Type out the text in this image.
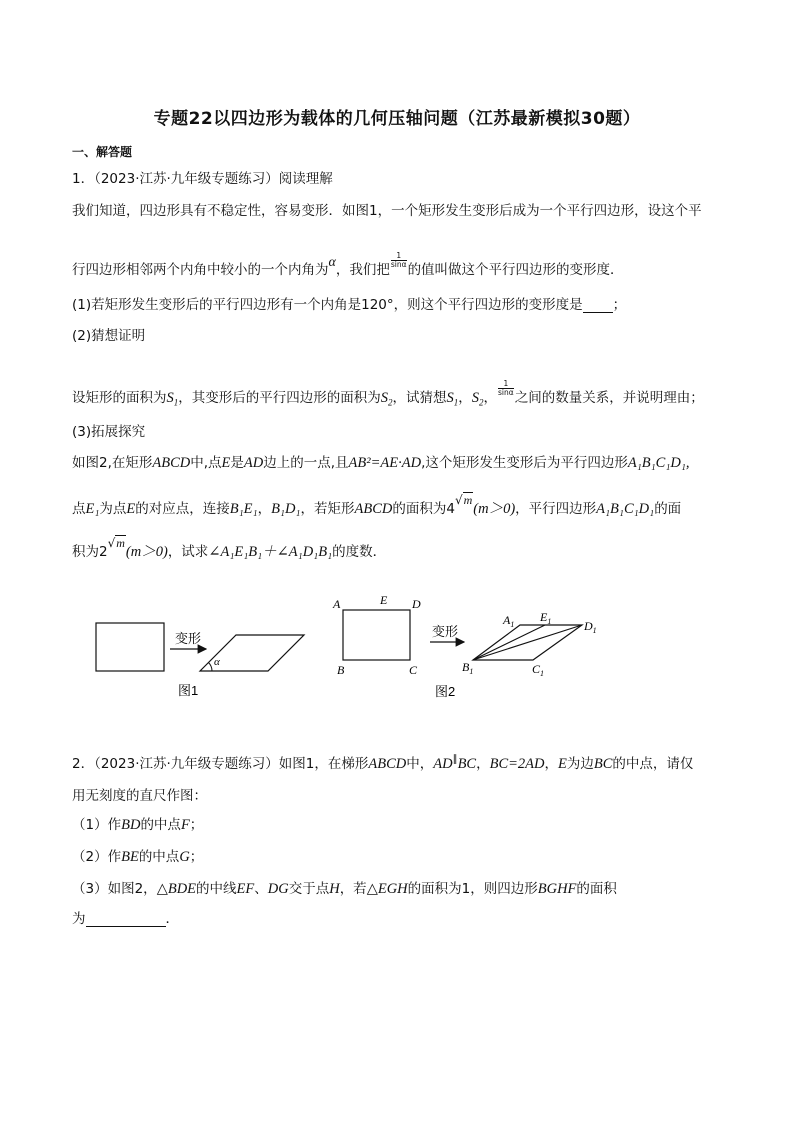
专题22以四边形为载体的几何压轴问题（江苏最新模拟30题）
一、解答题
1．（2023·江苏·九年级专题练习）阅读理解
我们知道，四边形具有不稳定性，容易变形．如图1，一个矩形发生变形后成为一个平行四边形，设这个平
行四边形相邻两个内角中较小的一个内角为α，我们把
$\frac{1}{\sin\alpha}$
的值叫做这个平行四边形的变形度．
(1)若矩形发生变形后的平行四边形有一个内角是120°，则这个平行四边形的变形度是 ；
(2)猜想证明
设矩形的面积为$S_1$，其变形后的平行四边形的面积为$S_2$，试猜想$S_1$，$S_2$，
$\frac{1}{\sin\alpha}$
之间的数量关系，并说明理由；
(3)拓展探究
如图2,在矩形ABCD中,点E是AD边上的一点,且AB²=AE·AD,这个矩形发生变形后为平行四边形A₁B₁C₁D₁,
点E₁为点E的对应点，连接B₁E₁，B₁D₁，若矩形ABCD的面积为4√m(m＞0)，平行四边形A₁B₁C₁D₁的面
积为2√m(m＞0)，试求∠A₁E₁B₁＋∠A₁D₁B₁的度数．
变形
α
图1
A	E D
B	C
变形
$A_1$
$E_1$	$D_1$
$B_1$	$C_1$
图2
2．（2023·江苏·九年级专题练习）如图1，在梯形ABCD中，AD∥BC，BC=2AD，E为边BC的中点，请仅
用无刻度的直尺作图：
（1）作BD的中点F；
（2）作BE的中点G；
（3）如图2，△BDE的中线EF、DG交于点H，若△EGH的面积为1，则四边形BGHF的面积
为	．
